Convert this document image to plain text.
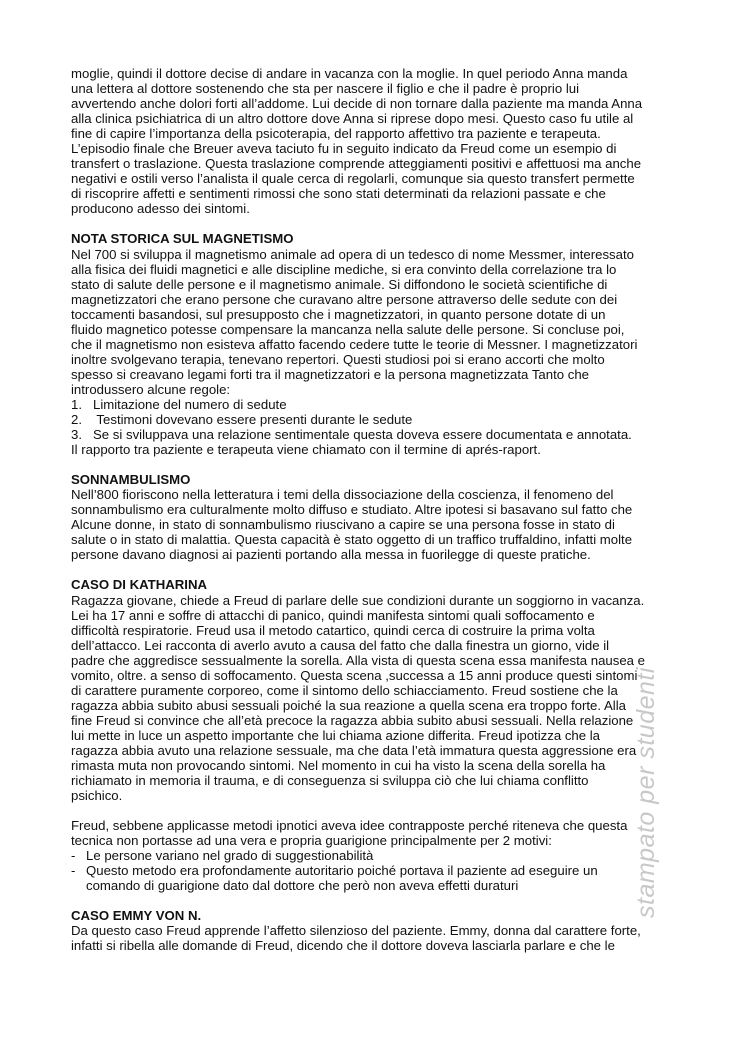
moglie, quindi il dottore decise di andare in vacanza con la moglie. In quel periodo Anna manda

una lettera al dottore sostenendo che sta per nascere il figlio e che il padre è proprio lui

avvertendo anche dolori forti all’addome. Lui decide di non tornare dalla paziente ma manda Anna

alla clinica psichiatrica di un altro dottore dove Anna si riprese dopo mesi. Questo caso fu utile al

fine di capire l’importanza della psicoterapia, del rapporto affettivo tra paziente e terapeuta.

L’episodio finale che Breuer aveva taciuto fu in seguito indicato da Freud come un esempio di

transfert o traslazione. Questa traslazione comprende atteggiamenti positivi e affettuosi ma anche

negativi e ostili verso l’analista il quale cerca di regolarli, comunque sia questo transfert permette

di riscoprire affetti e sentimenti rimossi che sono stati determinati da relazioni passate e che

producono adesso dei sintomi.

NOTA STORICA SUL MAGNETISMO

Nel 700 si sviluppa il magnetismo animale ad opera di un tedesco di nome Messmer, interessato

alla fisica dei fluidi magnetici e alle discipline mediche, si era convinto della correlazione tra lo

stato di salute delle persone e il magnetismo animale. Si diffondono le società scientifiche di

magnetizzatori che erano persone che curavano altre persone attraverso delle sedute con dei

toccamenti basandosi, sul presupposto che i magnetizzatori, in quanto persone dotate di un

fluido magnetico potesse compensare la mancanza nella salute delle persone. Si concluse poi,

che il magnetismo non esisteva affatto facendo cedere tutte le teorie di Messner. I magnetizzatori

inoltre svolgevano terapia, tenevano repertori. Questi studiosi poi si erano accorti che molto

spesso si creavano legami forti tra il magnetizzatori e la persona magnetizzata Tanto che

introdussero alcune regole:

1. Limitazione del numero di sedute

2. Testimoni dovevano essere presenti durante le sedute

3. Se si sviluppava una relazione sentimentale questa doveva essere documentata e annotata.

Il rapporto tra paziente e terapeuta viene chiamato con il termine di aprés-raport.

SONNAMBULISMO

Nell’800 fioriscono nella letteratura i temi della dissociazione della coscienza, il fenomeno del

sonnambulismo era culturalmente molto diffuso e studiato. Altre ipotesi si basavano sul fatto che

Alcune donne, in stato di sonnambulismo riuscivano a capire se una persona fosse in stato di

salute o in stato di malattia. Questa capacità è stato oggetto di un traffico truffaldino, infatti molte

persone davano diagnosi ai pazienti portando alla messa in fuorilegge di queste pratiche.

CASO DI KATHARINA

Ragazza giovane, chiede a Freud di parlare delle sue condizioni durante un soggiorno in vacanza.

Lei ha 17 anni e soffre di attacchi di panico, quindi manifesta sintomi quali soffocamento e

difficoltà respiratorie. Freud usa il metodo catartico, quindi cerca di costruire la prima volta

dell’attacco. Lei racconta di averlo avuto a causa del fatto che dalla finestra un giorno, vide il

padre che aggredisce sessualmente la sorella. Alla vista di questa scena essa manifesta nausea e

vomito, oltre. a senso di soffocamento. Questa scena ,successa a 15 anni produce questi sintomi

di carattere puramente corporeo, come il sintomo dello schiacciamento. Freud sostiene che la

ragazza abbia subito abusi sessuali poiché la sua reazione a quella scena era troppo forte. Alla

fine Freud si convince che all’età precoce la ragazza abbia subito abusi sessuali. Nella relazione

lui mette in luce un aspetto importante che lui chiama azione differita. Freud ipotizza che la

ragazza abbia avuto una relazione sessuale, ma che data l’età immatura questa aggressione era

rimasta muta non provocando sintomi. Nel momento in cui ha visto la scena della sorella ha

richiamato in memoria il trauma, e di conseguenza si sviluppa ciò che lui chiama conflitto

psichico.

Freud, sebbene applicasse metodi ipnotici aveva idee contrapposte perché riteneva che questa

tecnica non portasse ad una vera e propria guarigione principalmente per 2 motivi:

- Le persone variano nel grado di suggestionabilità

- Questo metodo era profondamente autoritario poiché portava il paziente ad eseguire un

comando di guarigione dato dal dottore che però non aveva effetti duraturi

CASO EMMY VON N.

Da questo caso Freud apprende l’affetto silenzioso del paziente. Emmy, donna dal carattere forte,

infatti si ribella alle domande di Freud, dicendo che il dottore doveva lasciarla parlare e che le

stampato per studenti
